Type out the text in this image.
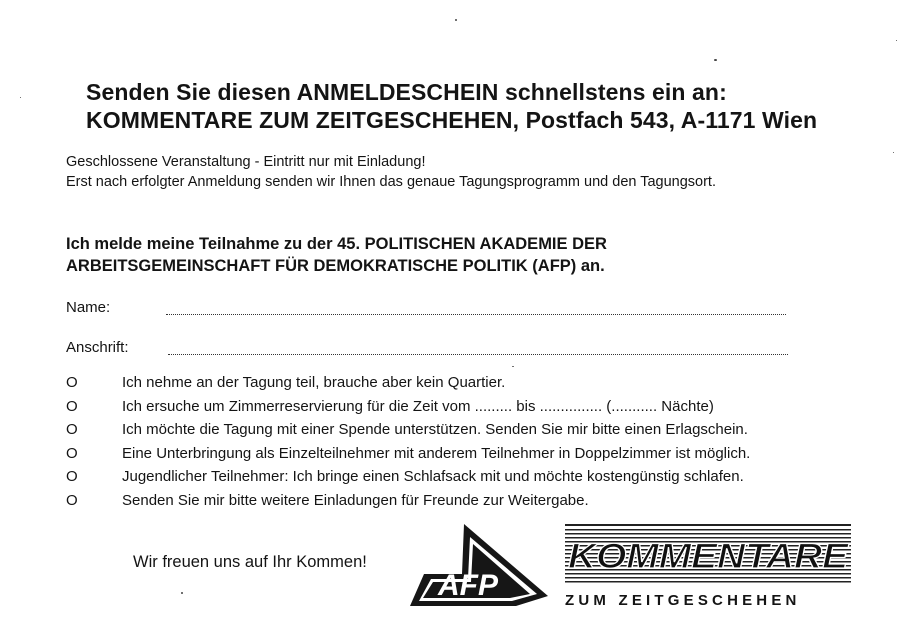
Senden Sie diesen ANMELDESCHEIN schnellstens ein an:
KOMMENTARE ZUM ZEITGESCHEHEN, Postfach 543, A-1171 Wien
Geschlossene Veranstaltung - Eintritt nur mit Einladung!
Erst nach erfolgter Anmeldung senden wir Ihnen das genaue Tagungsprogramm und den Tagungsort.
Ich melde meine Teilnahme zu der 45. POLITISCHEN AKADEMIE DER
ARBEITSGEMEINSCHAFT FÜR DEMOKRATISCHE POLITIK (AFP) an.
Name:
Anschrift:
O	Ich nehme an der Tagung teil, brauche aber kein Quartier.
O	Ich ersuche um Zimmerreservierung für die Zeit vom ......... bis ............... (........... Nächte)
O	Ich möchte die Tagung mit einer Spende unterstützen. Senden Sie mir bitte einen Erlagschein.
O	Eine Unterbringung als Einzelteilnehmer mit anderem Teilnehmer in Doppelzimmer ist möglich.
O	Jugendlicher Teilnehmer: Ich bringe einen Schlafsack mit und möchte kostengünstig schlafen.
O	Senden Sie mir bitte weitere Einladungen für Freunde zur Weitergabe.
Wir freuen uns auf Ihr Kommen!
AFP
KOMMENTARE
ZUM ZEITGESCHEHEN
